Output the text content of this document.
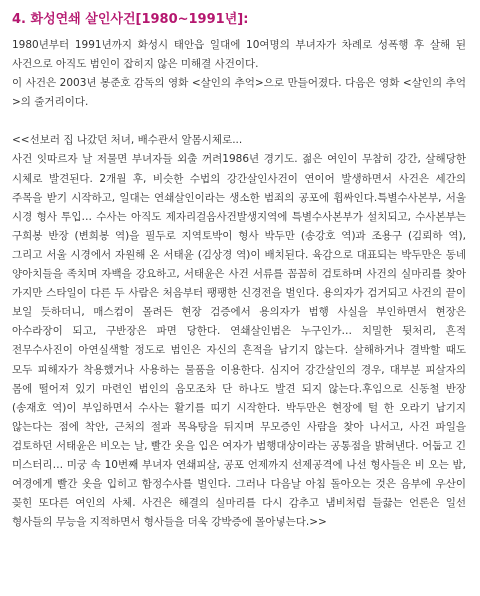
4. 화성연쇄 살인사건[1980~1991년]:

1980년부터 1991년까지 화성시 태안읍 일대에 10여명의 부녀자가 차례로 성폭행 후 살해 된 사건으로 아직도 범인이 잡히지 않은 미해결 사건이다.

이 사건은 2003년 봉준호 감독의 영화 <살인의 추억>으로 만들어졌다. 다음은 영화 <살인의 추억>의 줄거리이다.

<<선보러 집 나갔던 처녀, 배수관서 알몸시체로...

사건 잇따르자 날 저물면 부녀자들 외출 꺼려1986년 경기도. 젊은 여인이 무참히 강간, 살해당한 시체로 발견된다. 2개월 후, 비슷한 수법의 강간살인사건이 연이어 발생하면서 사건은 세간의 주목을 받기 시작하고, 일대는 연쇄살인이라는 생소한 범죄의 공포에 휩싸인다.특별수사본부, 서울 시경 형사 투입… 수사는 아직도 제자리걸음사건발생지역에 특별수사본부가 설치되고, 수사본부는 구희봉 반장 (변희봉 역)을 필두로 지역토박이 형사 박두만 (송강호 역)과 조용구 (김뢰하 역), 그리고 서울 시경에서 자원해 온 서태윤 (김상경 역)이 배치된다. 육감으로 대표되는 박두만은 동네 양아치들을 족치며 자백을 강요하고, 서태윤은 사건 서류를 꼼꼼히 검토하며 사건의 실마리를 찾아 가지만 스타일이 다른 두 사람은 처음부터 팽팽한 신경전을 벌인다. 용의자가 검거되고 사건의 끝이 보일 듯하더니, 매스컴이 몰려든 현장 검증에서 용의자가 범행 사실을 부인하면서 현장은 아수라장이 되고, 구반장은 파면 당한다. 연쇄살인범은 누구인가… 치밀한 뒷처리, 흔적 전무수사진이 아연실색할 정도로 범인은 자신의 흔적을 남기지 않는다. 살해하거나 결박할 때도 모두 피해자가 착용했거나 사용하는 물품을 이용한다. 심지어 강간살인의 경우, 대부분 피살자의 몸에 떨어져 있기 마련인 범인의 음모조차 단 하나도 발견 되지 않는다.후임으로 신동철 반장 (송재호 역)이 부임하면서 수사는 활기를 띠기 시작한다. 박두만은 현장에 털 한 오라기 남기지 않는다는 점에 착안, 근처의 절과 목욕탕을 뒤지며 무모증인 사람을 찾아 나서고, 사건 파일을 검토하던 서태윤은 비오는 날, 빨간 옷을 입은 여자가 범행대상이라는 공통점을 밝혀낸다. 어둡고 긴 미스터리… 미궁 속 10번째 부녀자 연쇄피살, 공포 언제까지 선제공격에 나선 형사들은 비 오는 밤, 여경에게 빨간 옷을 입히고 함정수사를 벌인다. 그러나 다음날 아침 돌아오는 것은 음부에 우산이 꽂힌 또다른 여인의 사체. 사건은 해결의 실마리를 다시 감추고 냄비처럼 들끓는 언론은 일선 형사들의 무능을 지적하면서 형사들을 더욱 강박증에 몰아넣는다.>>
